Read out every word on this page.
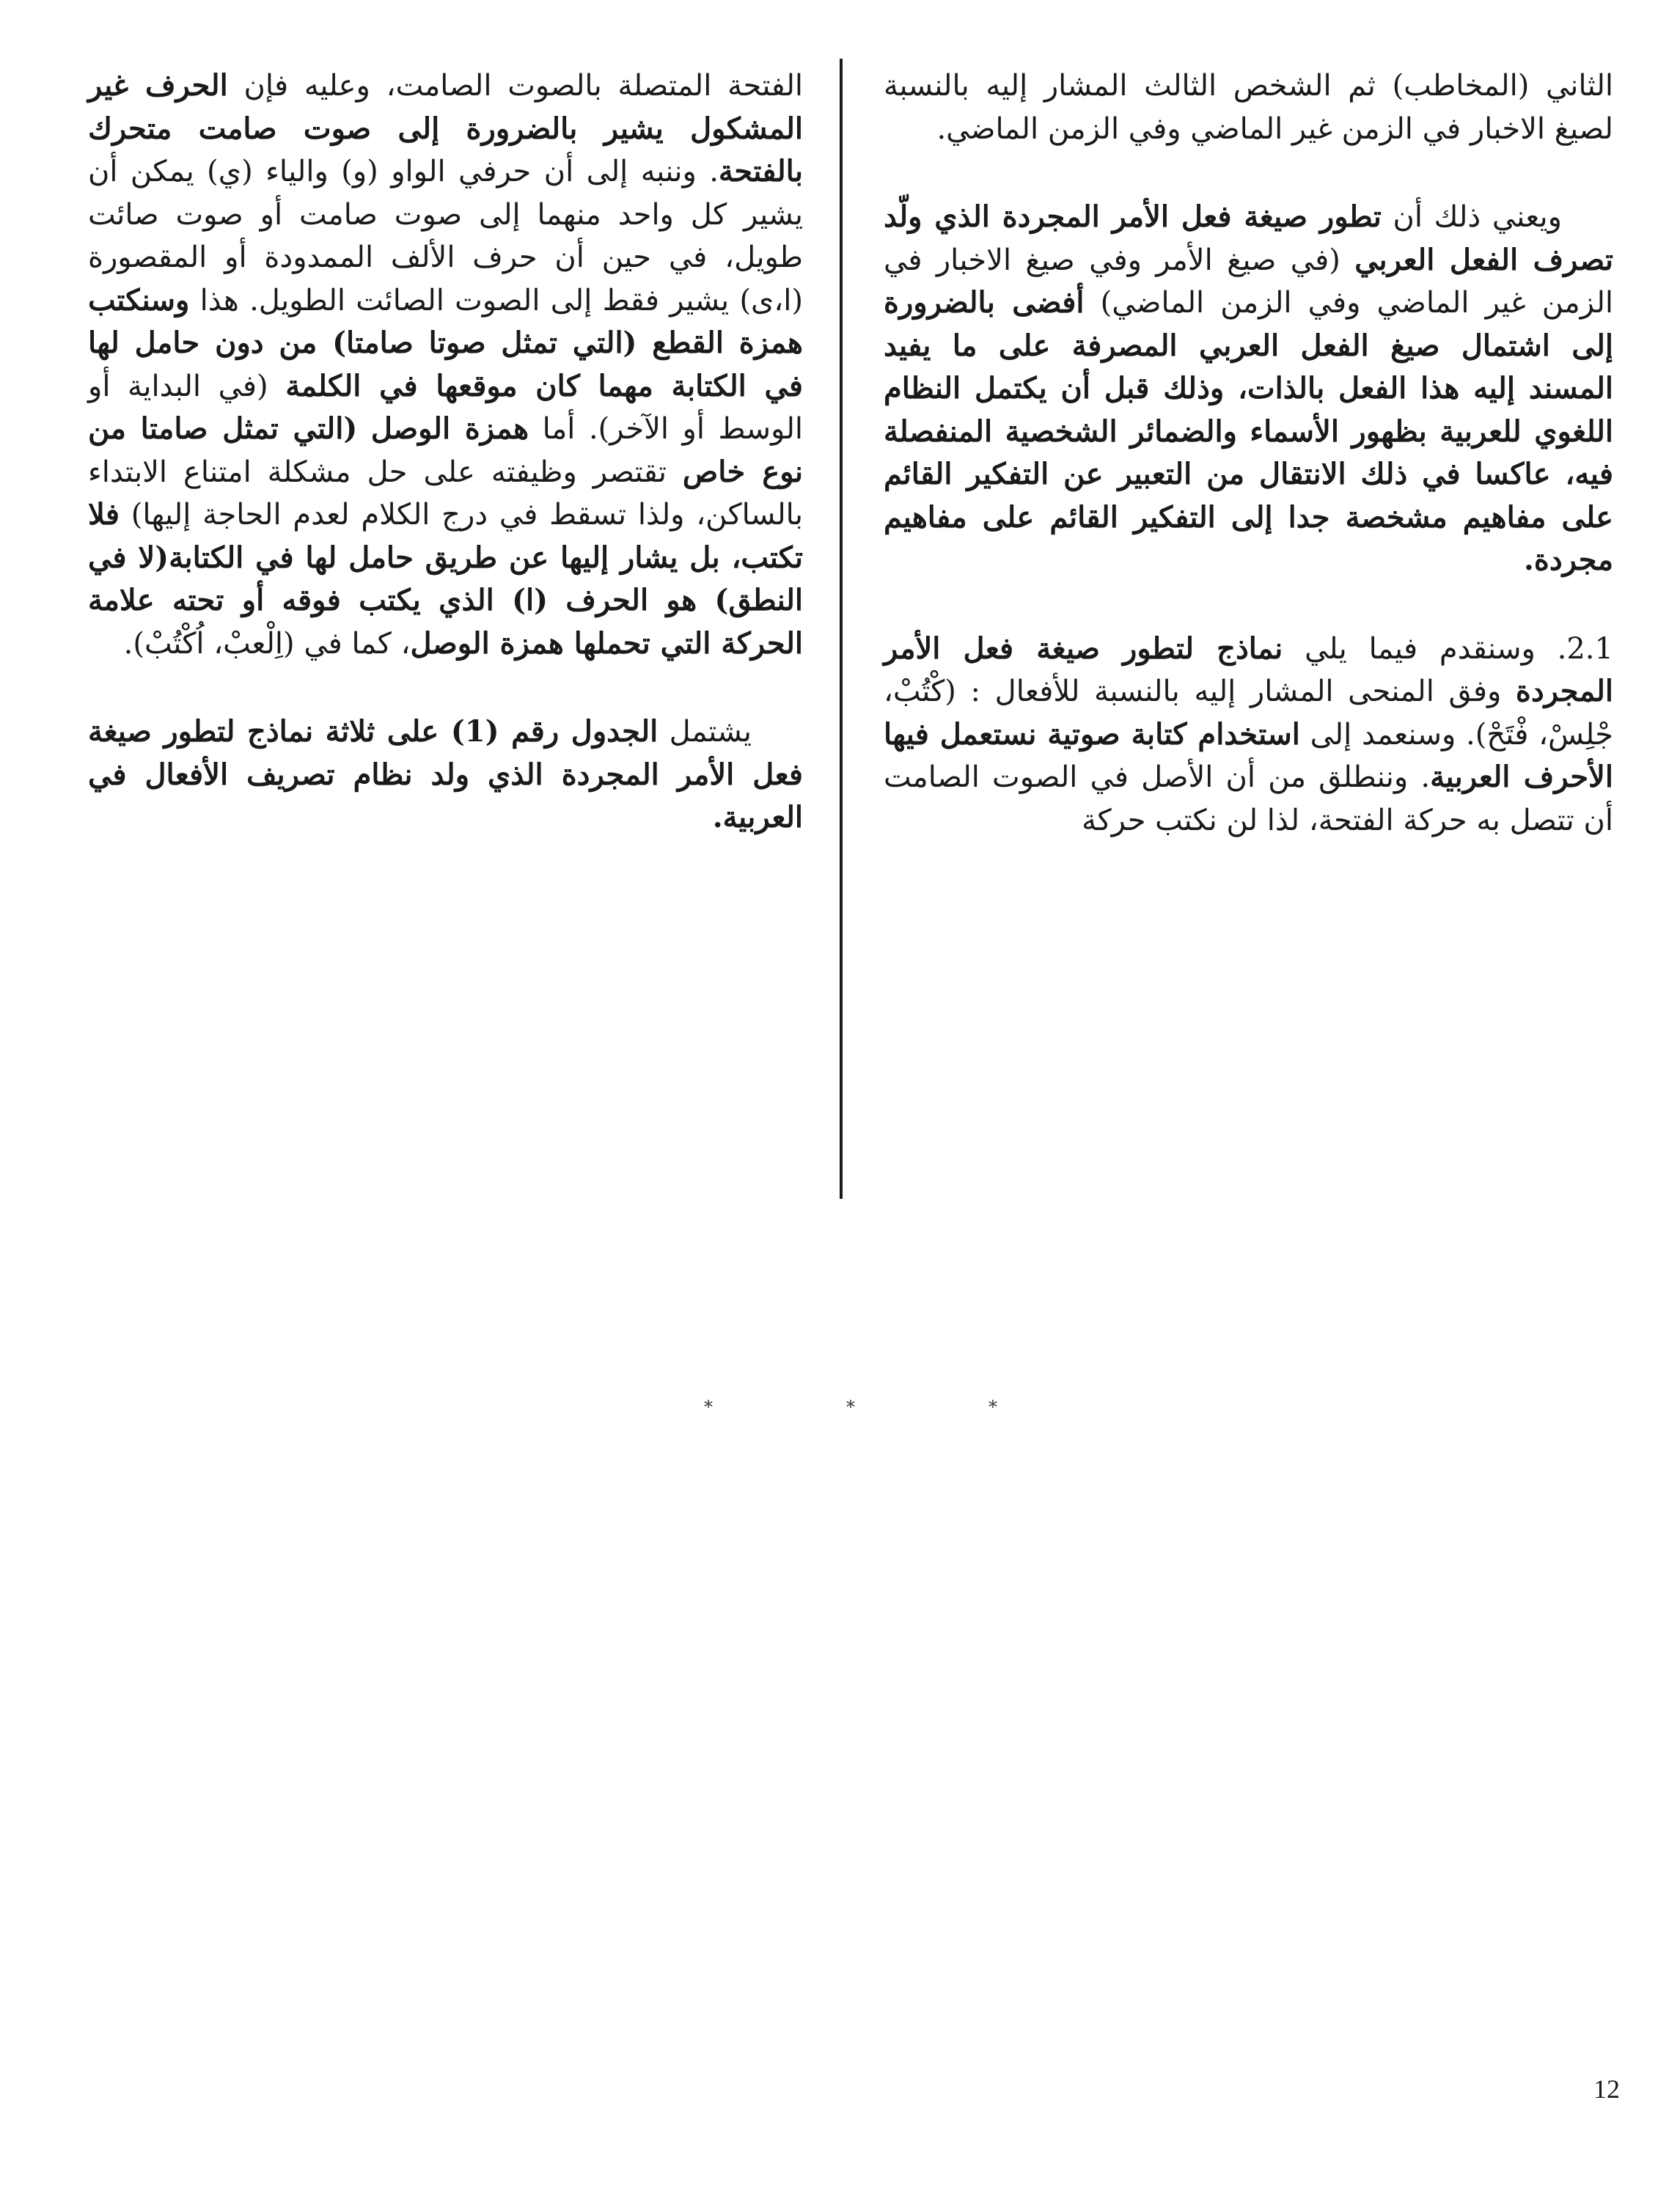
الثاني (المخاطب) ثم الشخص الثالث المشار إليه بالنسبة لصيغ الاخبار في الزمن غير الماضي وفي الزمن الماضي.

ويعني ذلك أن تطور صيغة فعل الأمر المجردة الذي ولّد تصرف الفعل العربي (في صيغ الأمر وفي صيغ الاخبار في الزمن غير الماضي وفي الزمن الماضي) أفضى بالضرورة إلى اشتمال صيغ الفعل العربي المصرفة على ما يفيد المسند إليه هذا الفعل بالذات، وذلك قبل أن يكتمل النظام اللغوي للعربية بظهور الأسماء والضمائر الشخصية المنفصلة فيه، عاكسا في ذلك الانتقال من التعبير عن التفكير القائم على مفاهيم مشخصة جدا إلى التفكير القائم على مفاهيم مجردة.

2.1. وسنقدم فيما يلي نماذج لتطور صيغة فعل الأمر المجردة وفق المنحى المشار إليه بالنسبة للأفعال : (كْتُبْ، جْلِسْ، فْتَحْ). وسنعمد إلى استخدام كتابة صوتية نستعمل فيها الأحرف العربية. وننطلق من أن الأصل في الصوت الصامت أن تتصل به حركة الفتحة، لذا لن نكتب حركة

الفتحة المتصلة بالصوت الصامت، وعليه فإن الحرف غير المشكول يشير بالضرورة إلى صوت صامت متحرك بالفتحة. وننبه إلى أن حرفي الواو (و) والياء (ي) يمكن أن يشير كل واحد منهما إلى صوت صامت أو صوت صائت طويل، في حين أن حرف الألف الممدودة أو المقصورة (ا،ى) يشير فقط إلى الصوت الصائت الطويل. هذا وسنكتب همزة القطع (التي تمثل صوتا صامتا) من دون حامل لها في الكتابة مهما كان موقعها في الكلمة (في البداية أو الوسط أو الآخر). أما همزة الوصل (التي تمثل صامتا من نوع خاص تقتصر وظيفته على حل مشكلة امتناع الابتداء بالساكن، ولذا تسقط في درج الكلام لعدم الحاجة إليها) فلا تكتب، بل يشار إليها عن طريق حامل لها في الكتابة(لا في النطق) هو الحرف (ا) الذي يكتب فوقه أو تحته علامة الحركة التي تحملها همزة الوصل، كما في (اِلْعبْ، اُكْتُبْ).

يشتمل الجدول رقم (1) على ثلاثة نماذج لتطور صيغة فعل الأمر المجردة الذي ولد نظام تصريف الأفعال في العربية.

*	*	*
12
